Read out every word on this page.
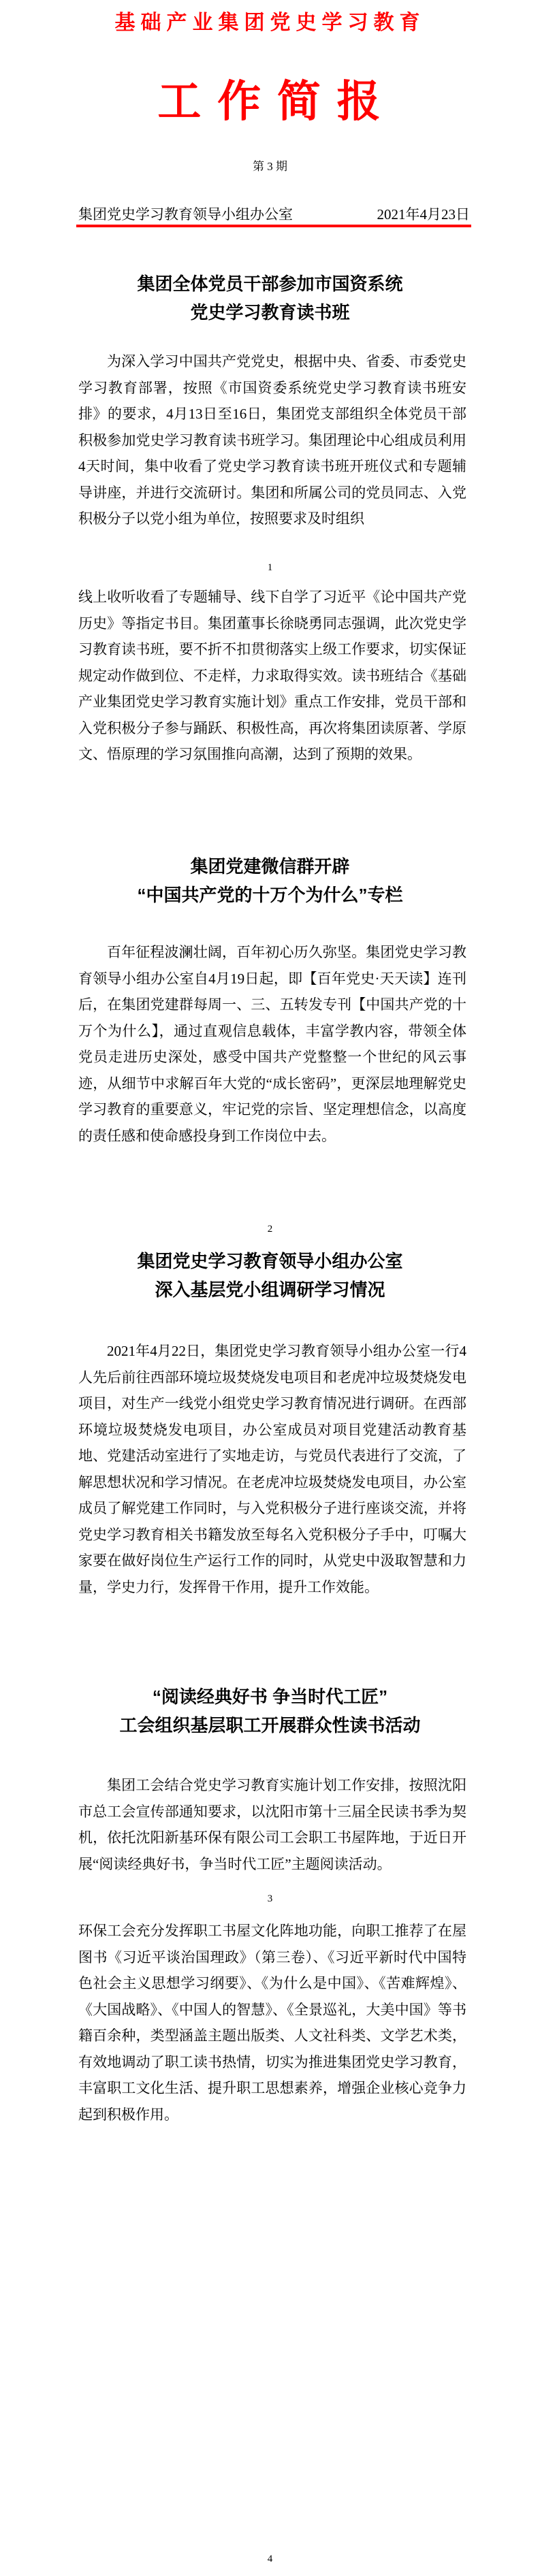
基础产业集团党史学习教育
工 作 简 报
第 3 期
集团党史学习教育领导小组办公室	2021年4月23日
集团全体党员干部参加市国资系统
党史学习教育读书班
为深入学习中国共产党党史，根据中央、省委、市委党史学习教育部署，按照《市国资委系统党史学习教育读书班安排》的要求，4月13日至16日，集团党支部组织全体党员干部积极参加党史学习教育读书班学习。集团理论中心组成员利用4天时间，集中收看了党史学习教育读书班开班仪式和专题辅导讲座，并进行交流研讨。集团和所属公司的党员同志、入党积极分子以党小组为单位，按照要求及时组织
1
线上收听收看了专题辅导、线下自学了习近平《论中国共产党历史》等指定书目。集团董事长徐晓勇同志强调，此次党史学习教育读书班，要不折不扣贯彻落实上级工作要求，切实保证规定动作做到位、不走样，力求取得实效。读书班结合《基础产业集团党史学习教育实施计划》重点工作安排，党员干部和入党积极分子参与踊跃、积极性高，再次将集团读原著、学原文、悟原理的学习氛围推向高潮，达到了预期的效果。
集团党建微信群开辟
“中国共产党的十万个为什么”专栏
百年征程波澜壮阔，百年初心历久弥坚。集团党史学习教育领导小组办公室自4月19日起，即【百年党史·天天读】连刊后，在集团党建群每周一、三、五转发专刊【中国共产党的十万个为什么】，通过直观信息载体，丰富学教内容，带领全体党员走进历史深处，感受中国共产党整整一个世纪的风云事迹，从细节中求解百年大党的“成长密码”，更深层地理解党史学习教育的重要意义，牢记党的宗旨、坚定理想信念，以高度的责任感和使命感投身到工作岗位中去。
2
集团党史学习教育领导小组办公室
深入基层党小组调研学习情况
2021年4月22日，集团党史学习教育领导小组办公室一行4人先后前往西部环境垃圾焚烧发电项目和老虎冲垃圾焚烧发电项目，对生产一线党小组党史学习教育情况进行调研。在西部环境垃圾焚烧发电项目，办公室成员对项目党建活动教育基地、党建活动室进行了实地走访，与党员代表进行了交流，了解思想状况和学习情况。在老虎冲垃圾焚烧发电项目，办公室成员了解党建工作同时，与入党积极分子进行座谈交流，并将党史学习教育相关书籍发放至每名入党积极分子手中，叮嘱大家要在做好岗位生产运行工作的同时，从党史中汲取智慧和力量，学史力行，发挥骨干作用，提升工作效能。
“阅读经典好书 争当时代工匠”
工会组织基层职工开展群众性读书活动
集团工会结合党史学习教育实施计划工作安排，按照沈阳市总工会宣传部通知要求，以沈阳市第十三届全民读书季为契机，依托沈阳新基环保有限公司工会职工书屋阵地，于近日开展“阅读经典好书，争当时代工匠”主题阅读活动。
3
环保工会充分发挥职工书屋文化阵地功能，向职工推荐了在屋图书《习近平谈治国理政》（第三卷）、《习近平新时代中国特色社会主义思想学习纲要》、《为什么是中国》、《苦难辉煌》、《大国战略》、《中国人的智慧》、《全景巡礼，大美中国》等书籍百余种，类型涵盖主题出版类、人文社科类、文学艺术类，有效地调动了职工读书热情，切实为推进集团党史学习教育，丰富职工文化生活、提升职工思想素养，增强企业核心竞争力起到积极作用。
4
